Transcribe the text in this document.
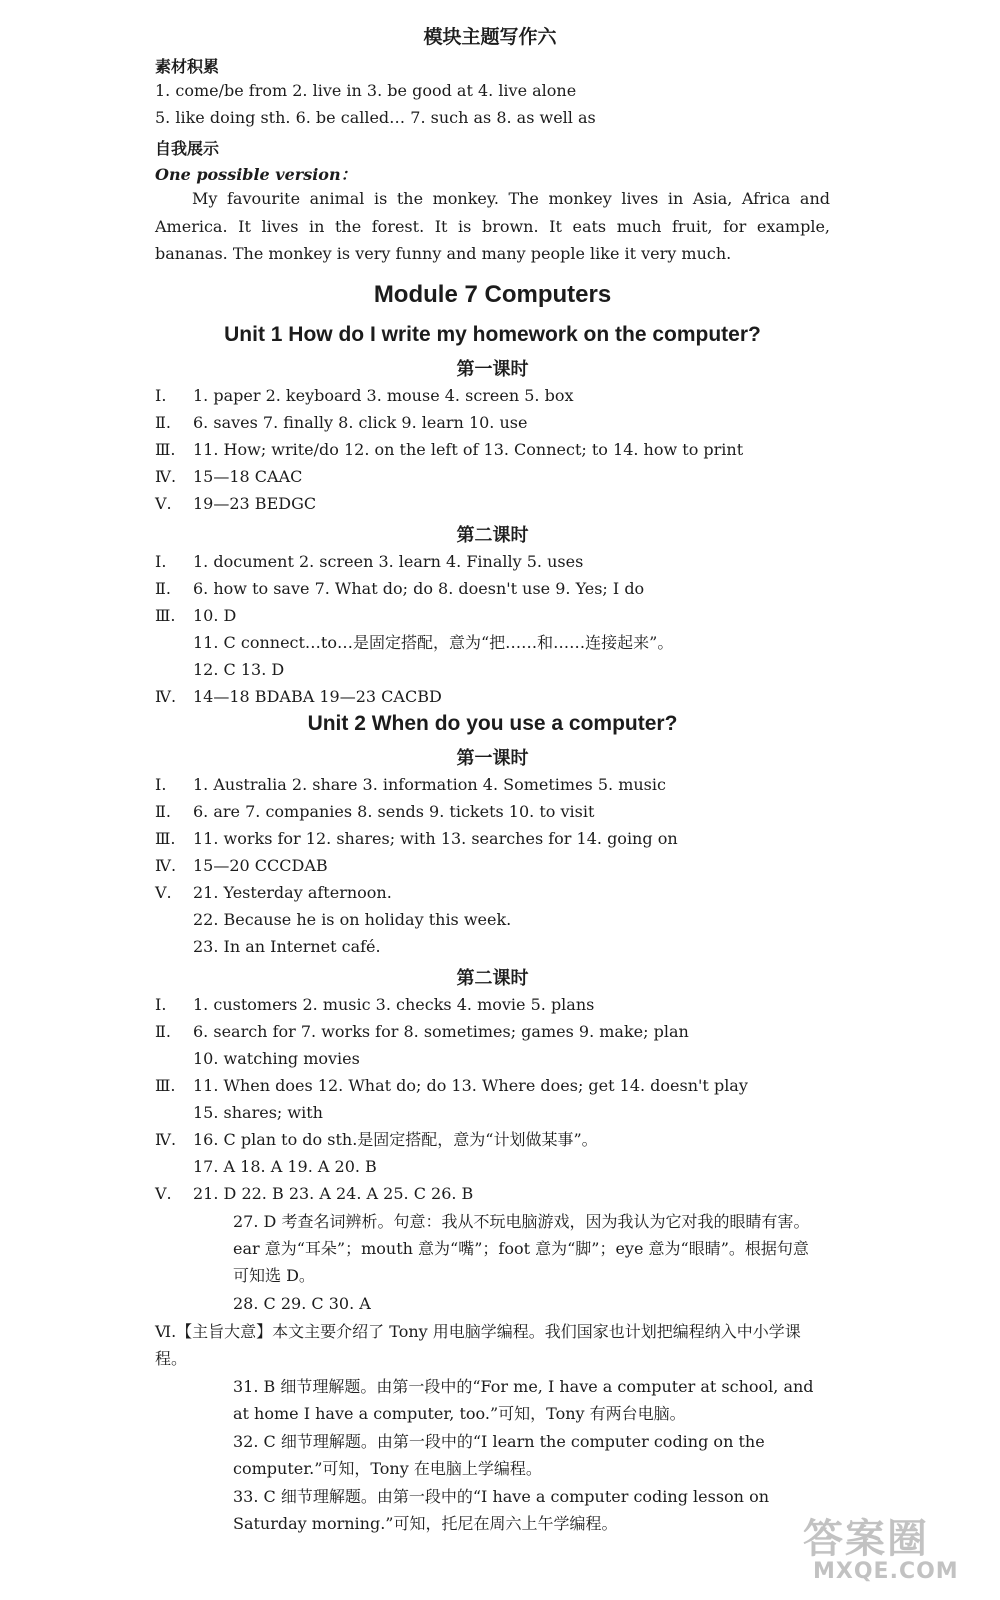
模块主题写作六
素材积累
1. come/be from 2. live in 3. be good at 4. live alone
5. like doing sth. 6. be called… 7. such as 8. as well as
自我展示
One possible version：
My favourite animal is the monkey. The monkey lives in Asia, Africa and America. It lives in the forest. It is brown. It eats much fruit, for example, bananas. The monkey is very funny and many people like it very much.
Module 7 Computers
Unit 1 How do I write my homework on the computer?
第一课时
Ⅰ. 1. paper 2. keyboard 3. mouse 4. screen 5. box
Ⅱ. 6. saves 7. finally 8. click 9. learn 10. use
Ⅲ. 11. How; write/do 12. on the left of 13. Connect; to 14. how to print
Ⅳ. 15—18 CAAC
Ⅴ. 19—23 BEDGC
第二课时
Ⅰ. 1. document 2. screen 3. learn 4. Finally 5. uses
Ⅱ. 6. how to save 7. What do; do 8. doesn't use 9. Yes; I do
Ⅲ. 10. D
11. C connect…to…是固定搭配，意为“把……和……连接起来”。
12. C 13. D
Ⅳ. 14—18 BDABA 19—23 CACBD
Unit 2 When do you use a computer?
第一课时
Ⅰ. 1. Australia 2. share 3. information 4. Sometimes 5. music
Ⅱ. 6. are 7. companies 8. sends 9. tickets 10. to visit
Ⅲ. 11. works for 12. shares; with 13. searches for 14. going on
Ⅳ. 15—20 CCCDAB
Ⅴ. 21. Yesterday afternoon.
22. Because he is on holiday this week.
23. In an Internet café.
第二课时
Ⅰ. 1. customers 2. music 3. checks 4. movie 5. plans
Ⅱ. 6. search for 7. works for 8. sometimes; games 9. make; plan
10. watching movies
Ⅲ. 11. When does 12. What do; do 13. Where does; get 14. doesn't play
15. shares; with
Ⅳ. 16. C plan to do sth.是固定搭配，意为“计划做某事”。
17. A 18. A 19. A 20. B
Ⅴ. 21. D 22. B 23. A 24. A 25. C 26. B
27. D 考查名词辨析。句意：我从不玩电脑游戏，因为我认为它对我的眼睛有害。ear 意为“耳朵”；mouth 意为“嘴”；foot 意为“脚”；eye 意为“眼睛”。根据句意可知选 D。
28. C 29. C 30. A
Ⅵ.【主旨大意】本文主要介绍了 Tony 用电脑学编程。我们国家也计划把编程纳入中小学课程。
31. B 细节理解题。由第一段中的“For me, I have a computer at school, and at home I have a computer, too.”可知，Tony 有两台电脑。
32. C 细节理解题。由第一段中的“I learn the computer coding on the computer.”可知，Tony 在电脑上学编程。
33. C 细节理解题。由第一段中的“I have a computer coding lesson on Saturday morning.”可知，托尼在周六上午学编程。	答案圈
MXQE.COM
